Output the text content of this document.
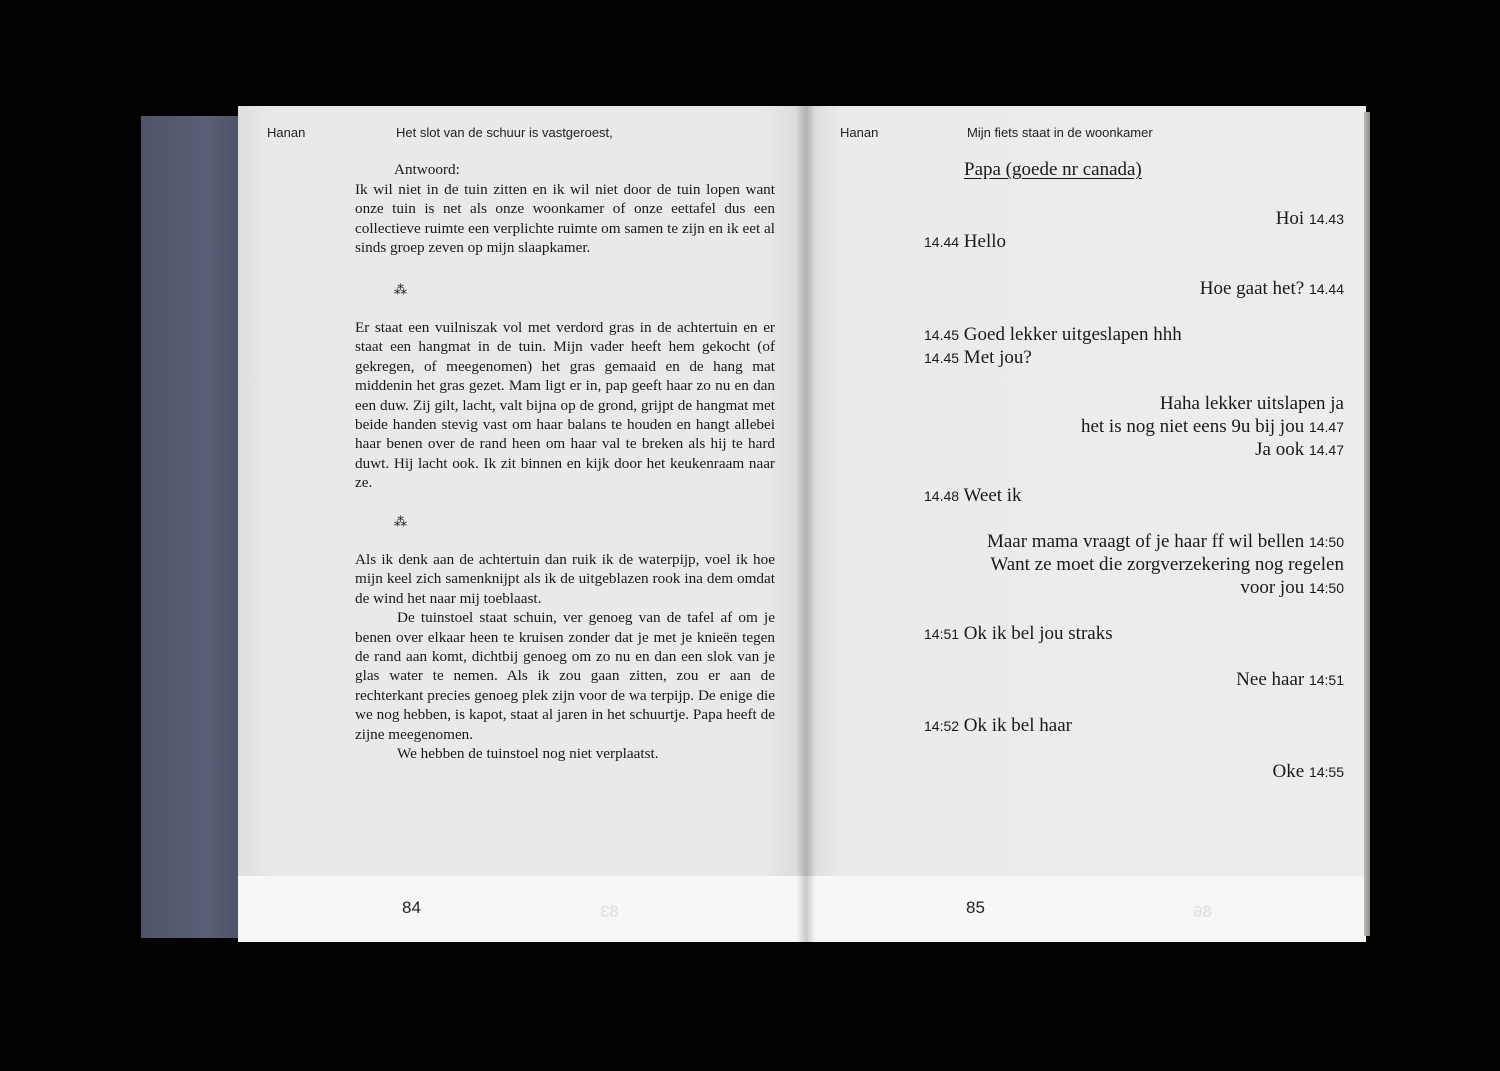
Hanan	Het slot van de schuur is vastgeroest,

Antwoord:

Ik wil niet in de tuin zitten en ik wil niet door de tuin lopen want onze tuin is net als onze woonkamer of onze eettafel dus een collectieve ruimte een verplichte ruimte om samen te zijn en ik eet al sinds groep zeven op mijn slaapkamer.

⁂

Er staat een vuilniszak vol met verdord gras in de achtertuin en er staat een hangmat in de tuin. Mijn vader heeft hem gekocht (of gekregen, of meegenomen) het gras gemaaid en de hang mat middenin het gras gezet. Mam ligt er in, pap geeft haar zo nu en dan een duw. Zij gilt, lacht, valt bijna op de grond, grijpt de hangmat met beide handen stevig vast om haar balans te houden en hangt allebei haar benen over de rand heen om haar val te breken als hij te hard duwt. Hij lacht ook. Ik zit binnen en kijk door het keukenraam naar ze.

⁂

Als ik denk aan de achtertuin dan ruik ik de waterpijp, voel ik hoe mijn keel zich samenknijpt als ik de uitgeblazen rook ina dem omdat de wind het naar mij toeblaast.

De tuinstoel staat schuin, ver genoeg van de tafel af om je benen over elkaar heen te kruisen zonder dat je met je knieën tegen de rand aan komt, dichtbij genoeg om zo nu en dan een slok van je glas water te nemen. Als ik zou gaan zitten, zou er aan de rechterkant precies genoeg plek zijn voor de wa terpijp. De enige die we nog hebben, is kapot, staat al jaren in het schuurtje. Papa heeft de zijne meegenomen.

We hebben de tuinstoel nog niet verplaatst.

84	83

Hanan	Mijn fiets staat in de woonkamer

Papa (goede nr canada)

Hoi 14.43
14.44 Hello
Hoe gaat het? 14.44
14.45 Goed lekker uitgeslapen hhh
14.45 Met jou?
Haha lekker uitslapen ja
het is nog niet eens 9u bij jou 14.47
Ja ook 14.47
14.48 Weet ik
Maar mama vraagt of je haar ff wil bellen 14:50
Want ze moet die zorgverzekering nog regelen
voor jou 14:50
14:51 Ok ik bel jou straks
Nee haar 14:51
14:52 Ok ik bel haar
Oke 14:55
85	86
